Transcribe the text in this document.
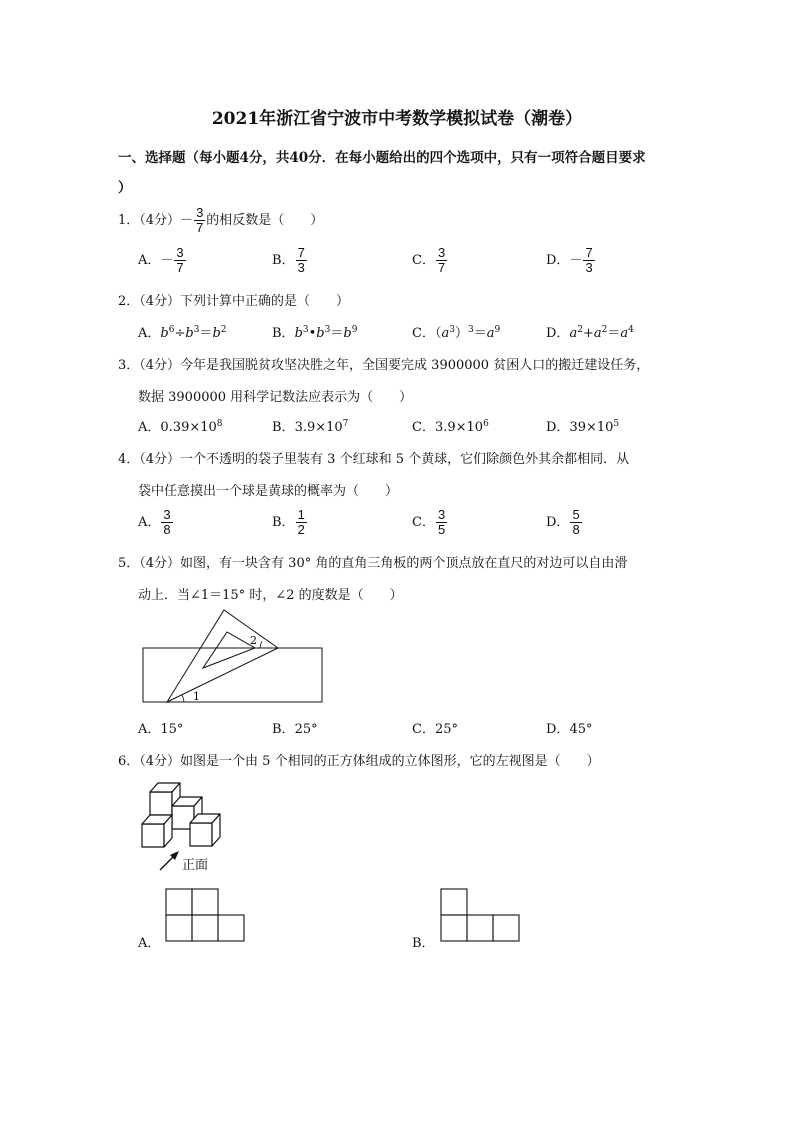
2021年浙江省宁波市中考数学模拟试卷（潮卷）
一、选择题（每小题4分，共40分．在每小题给出的四个选项中，只有一项符合题目要求
）
1．（4分）－ $\frac{3}{7}$ 的相反数是（　　）
A．－ $\frac{3}{7}$	B． $\frac{7}{3}$	C． $\frac{3}{7}$	D．－ $\frac{7}{3}$
2．（4分）下列计算中正确的是（　　）
A．$b^6\div b^3=b^2$	B．$b^3•b^3=b^9$	C．$(a^3)^3=a^9$	D．$a^2+a^2=a^4$
3．（4分）今年是我国脱贫攻坚决胜之年，全国要完成 3900000 贫困人口的搬迁建设任务，
数据 3900000 用科学记数法应表示为（　　）
A．$0.39\times 10^8$	B．$3.9\times 10^7$	C．$3.9\times 10^6$	D．$39\times 10^5$
4．（4分）一个不透明的袋子里装有 3 个红球和 5 个黄球，它们除颜色外其余都相同．从
袋中任意摸出一个球是黄球的概率为（　　）
A． $\frac{3}{8}$	B． $\frac{1}{2}$	C． $\frac{3}{5}$	D． $\frac{5}{8}$
5．（4分）如图，有一块含有 30° 角的直角三角板的两个顶点放在直尺的对边可以自由滑
动上．当∠1＝15° 时，∠2 的度数是（　　）
1
2
A．15°	B．25°	C．25°	D．45°
6．（4分）如图是一个由 5 个相同的正方体组成的立体图形，它的左视图是（　　）
正面
A．	B．
